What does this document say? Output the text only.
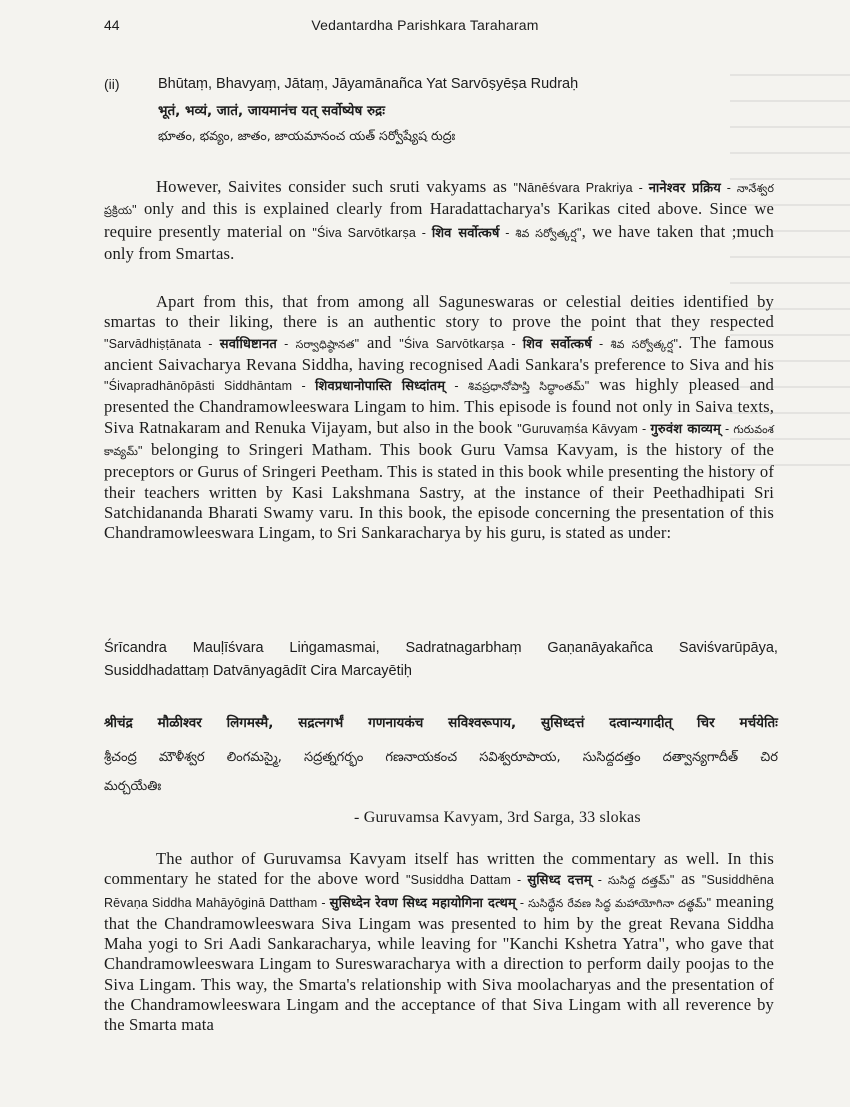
44	Vedantardha Parishkara Taraharam
(ii)	Bhūtaṃ, Bhavyaṃ, Jātaṃ, Jāyamānañca Yat Sarvōṣyēṣa Rudraḥ
भूतं, भव्यं, जातं, जायमानंच यत् सर्वोष्येष रुद्रः
భూతం, భవ్యం, జాతం, జాయమానంచ యత్ సర్వోష్యేష రుద్రః

However, Saivites consider such sruti vakyams as "Nānēśvara Prakriya - नानेश्वर प्रक्रिय - నానేశ్వర ప్రక్రియ" only and this is explained clearly from Haradattacharya's Karikas cited above. Since we require presently material on "Śiva Sarvōtkarṣa - शिव सर्वोत्कर्ष - శివ సర్వోత్కర్ష", we have taken that ;much only from Smartas.

Apart from this, that from among all Saguneswaras or celestial deities identified by smartas to their liking, there is an authentic story to prove the point that they respected "Sarvādhiṣṭānata - सर्वाधिष्टानत - సర్వాధిష్ఠానత" and "Śiva Sarvōtkarṣa - शिव सर्वोत्कर्ष - శివ సర్వోత్కర్ష". The famous ancient Saivacharya Revana Siddha, having recognised Aadi Sankara's preference to Siva and his "Śivapradhānōpāsti Siddhāntam - शिवप्रधानोपास्ति सिध्दांतम् - శివప్రధానోపాస్తి సిద్ధాంతమ్" was highly pleased and presented the Chandramowleeswara Lingam to him. This episode is found not only in Saiva texts, Siva Ratnakaram and Renuka Vijayam, but also in the book "Guruvaṃśa Kāvyam - गुरुवंश काव्यम् - గురువంశ కావ్యమ్" belonging to Sringeri Matham. This book Guru Vamsa Kavyam, is the history of the preceptors or Gurus of Sringeri Peetham. This is stated in this book while presenting the history of their teachers written by Kasi Lakshmana Sastry, at the instance of their Peethadhipati Sri Satchidananda Bharati Swamy varu. In this book, the episode concerning the presentation of this Chandramowleeswara Lingam, to Sri Sankaracharya by his guru, is stated as under:

Śrīcandra Mauḷīśvara Liṅgamasmai, Sadratnagarbhaṃ Gaṇanāyakañca Saviśvarūpāya,
Susiddhadattaṃ Datvānyagādīt Cira Marcayētiḥ
श्रीचंद्र मौळीश्वर लिगमस्मै, सद्रत्नगर्भं गणनायकंच सविश्वरूपाय, सुसिध्दत्तं दत्वान्यगादीत् चिर मर्चयेतिः
శ్రీచంద్ర మౌళీశ్వర లింగమస్మై, సద్రత్నగర్భం గణనాయకంచ సవిశ్వరూపాయ, సుసిద్దదత్తం దత్వాన్యగాదీత్ చిర
మర్చయేతిః
- Guruvamsa Kavyam, 3rd Sarga, 33 slokas

The author of Guruvamsa Kavyam itself has written the commentary as well. In this commentary he stated for the above word "Susiddha Dattam - सुसिध्द दत्तम् - సుసిద్ద దత్తమ్" as "Susiddhēna Rēvaṇa Siddha Mahāyōginā Dattham - सुसिध्देन रेवण सिध्द महायोगिना दत्थम् - సుసిద్ధేన రేవణ సిద్ధ మహాయోగినా దత్థమ్" meaning that the Chandramowleeswara Siva Lingam was presented to him by the great Revana Siddha Maha yogi to Sri Aadi Sankaracharya, while leaving for "Kanchi Kshetra Yatra", who gave that Chandramowleeswara Lingam to Sureswaracharya with a direction to perform daily poojas to the Siva Lingam. This way, the Smarta's relationship with Siva moolacharyas and the presentation of the Chandramowleeswara Lingam and the acceptance of that Siva Lingam with all reverence by the Smarta mata
